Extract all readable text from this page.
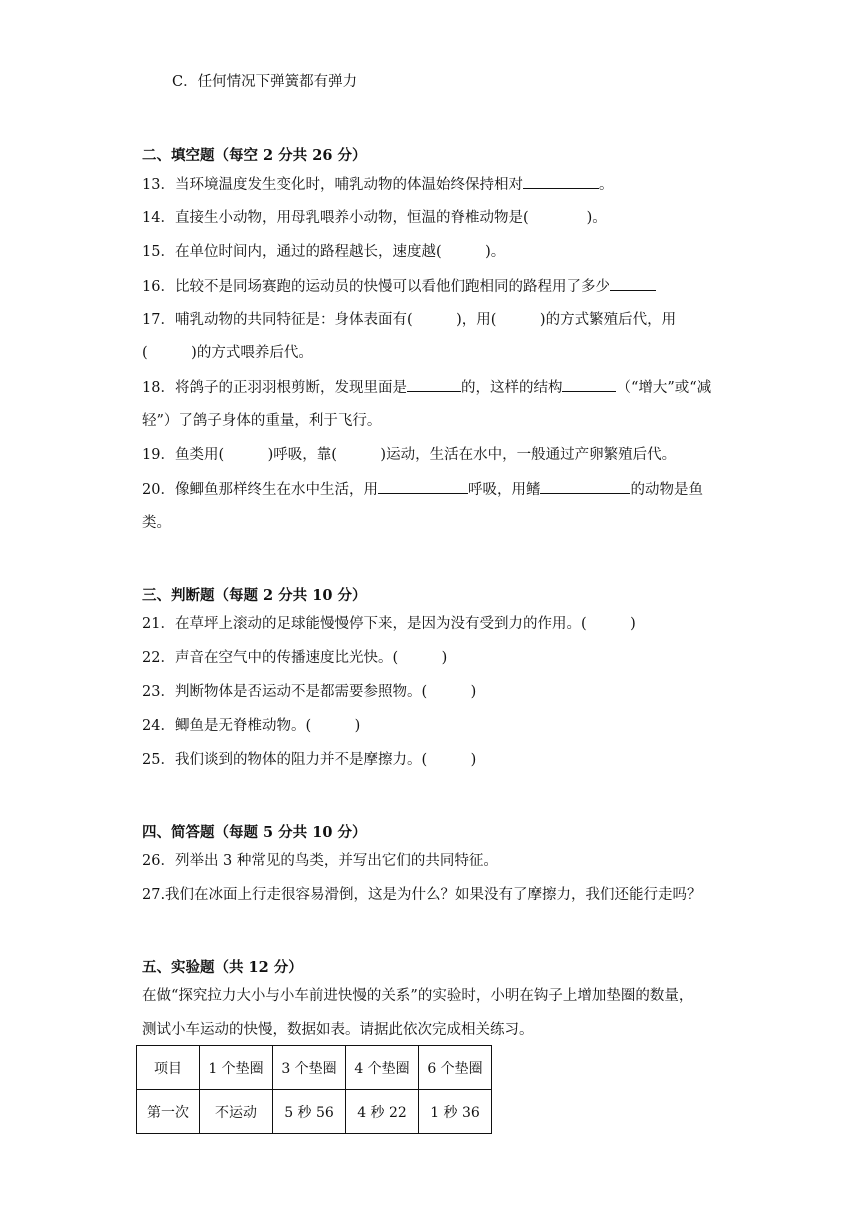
C．任何情况下弹簧都有弹力
二、填空题（每空 2 分共 26 分）
13．当环境温度发生变化时，哺乳动物的体温始终保持相对	。
14．直接生小动物，用母乳喂养小动物，恒温的脊椎动物是(　　　　)。
15．在单位时间内，通过的路程越长，速度越(　　　)。
16．比较不是同场赛跑的运动员的快慢可以看他们跑相同的路程用了多少
17．哺乳动物的共同特征是：身体表面有(　　　)，用(　　　)的方式繁殖后代，用
(　　　)的方式喂养后代。
18．将鸽子的正羽羽根剪断，发现里面是	的，这样的结构	（“增大”或“减
轻”）了鸽子身体的重量，利于飞行。
19．鱼类用(　　　)呼吸，靠(　　　)运动，生活在水中，一般通过产卵繁殖后代。
20．像鲫鱼那样终生在水中生活，用	呼吸，用鳍	的动物是鱼
类。
三、判断题（每题 2 分共 10 分）
21．在草坪上滚动的足球能慢慢停下来，是因为没有受到力的作用。(　　　)
22．声音在空气中的传播速度比光快。(　　　)
23．判断物体是否运动不是都需要参照物。(　　　)
24．鲫鱼是无脊椎动物。(　　　)
25．我们谈到的物体的阻力并不是摩擦力。(　　　)
四、简答题（每题 5 分共 10 分）
26．列举出 3 种常见的鸟类，并写出它们的共同特征。
27.我们在冰面上行走很容易滑倒，这是为什么？如果没有了摩擦力，我们还能行走吗？
五、实验题（共 12 分）
在做“探究拉力大小与小车前进快慢的关系”的实验时，小明在钩子上增加垫圈的数量，
测试小车运动的快慢，数据如表。请据此依次完成相关练习。
项目	1 个垫圈	3 个垫圈	4 个垫圈	6 个垫圈
第一次	不运动	5 秒 56	4 秒 22	1 秒 36
